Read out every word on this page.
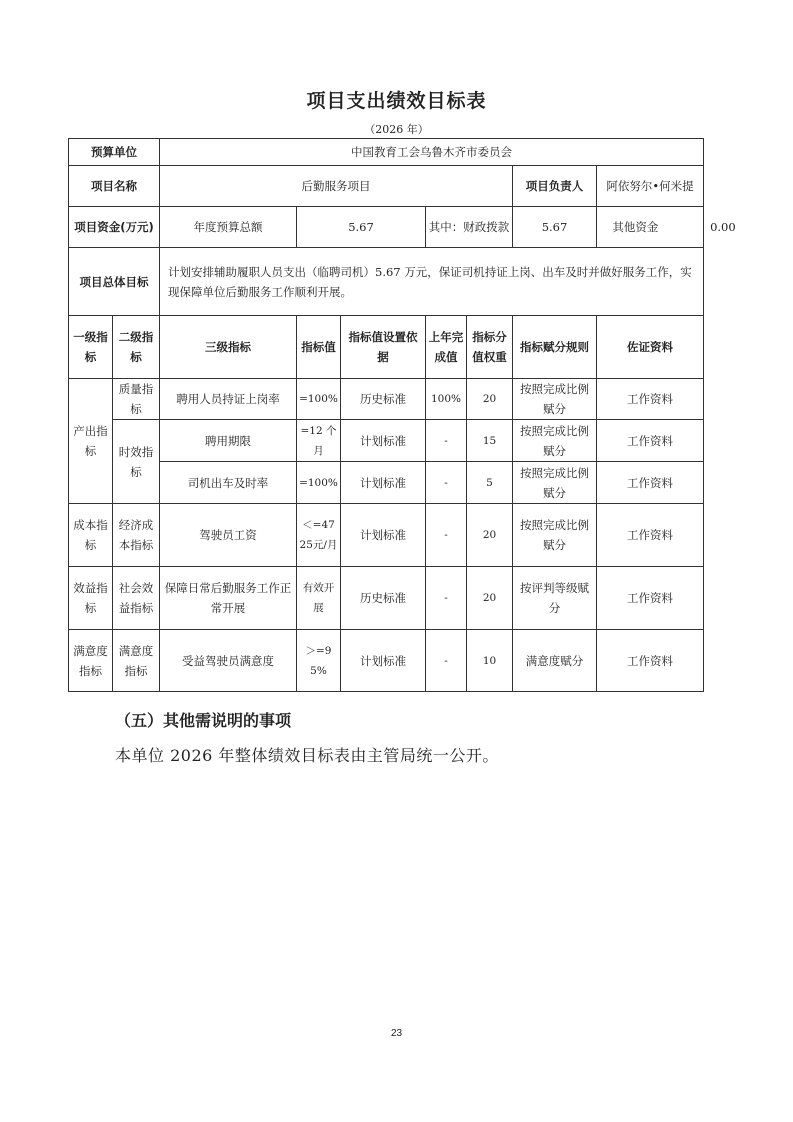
项目支出绩效目标表
（2026 年）
预算单位		中国教育工会乌鲁木齐市委员会						
项目名称		后勤服务项目					项目负责人	阿依努尔•何米提
项目资金(万元)		年度预算总额	5.67		其中：财政拨款		5.67	其他资金 0.00
项目总体目标		计划安排辅助履职人员支出（临聘司机）5.67 万元，保证司机持证上岗、出车及时并做好服务工作，实现保障单位后勤服务工作顺利开展。						
一级指标	二级指标	三级指标	指标值	指标值设置依据	上年完成值	指标分值权重	指标赋分规则	佐证资料
产出指标	质量指标	聘用人员持证上岗率	=100%	历史标准	100%	20	按照完成比例赋分	工作资料
	时效指标	聘用期限	=12 个月	计划标准	-	15	按照完成比例赋分	工作资料
		司机出车及时率	=100%	计划标准	-	5	按照完成比例赋分	工作资料
成本指标	经济成本指标	驾驶员工资	＜=4725元/月	计划标准	-	20	按照完成比例赋分	工作资料
效益指标	社会效益指标	保障日常后勤服务工作正常开展	有效开展	历史标准	-	20	按评判等级赋分	工作资料
满意度指标	满意度指标	受益驾驶员满意度	＞=95%	计划标准	-	10	满意度赋分	工作资料
（五）其他需说明的事项
本单位 2026 年整体绩效目标表由主管局统一公开。
23
